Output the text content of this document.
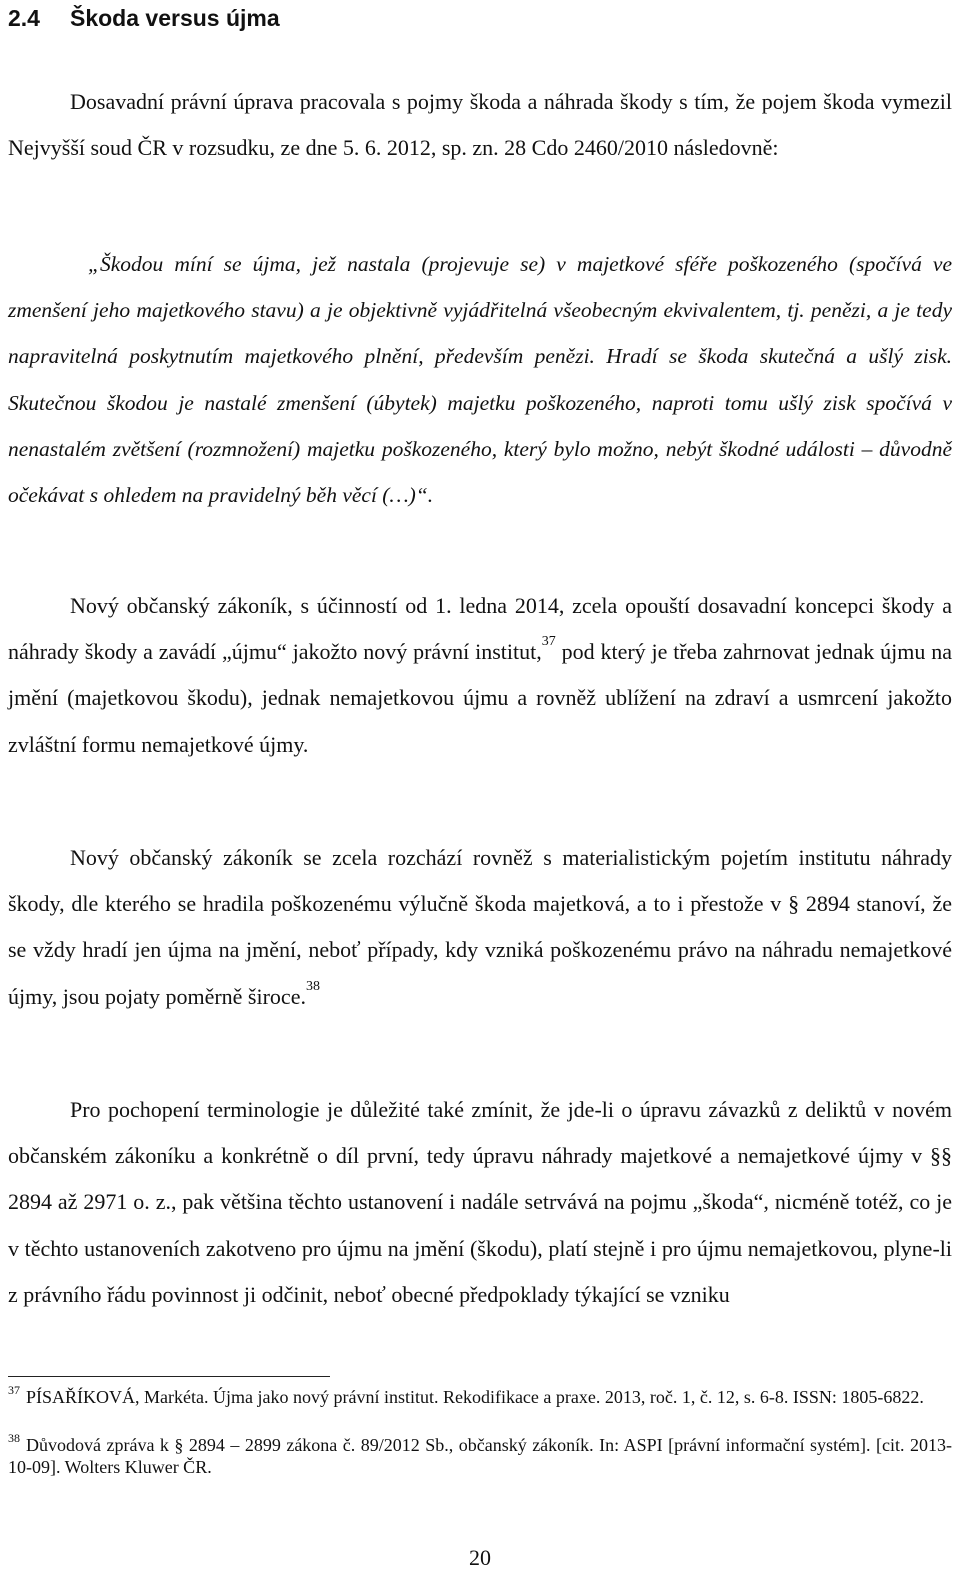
2.4 Škoda versus újma

Dosavadní právní úprava pracovala s pojmy škoda a náhrada škody s tím, že pojem škoda vymezil Nejvyšší soud ČR v rozsudku, ze dne 5. 6. 2012, sp. zn. 28 Cdo 2460/2010 následovně:

„Škodou míní se újma, jež nastala (projevuje se) v majetkové sféře poškozeného (spočívá ve zmenšení jeho majetkového stavu) a je objektivně vyjádřitelná všeobecným ekvivalentem, tj. penězi, a je tedy napravitelná poskytnutím majetkového plnění, především penězi. Hradí se škoda skutečná a ušlý zisk. Skutečnou škodou je nastalé zmenšení (úbytek) majetku poškozeného, naproti tomu ušlý zisk spočívá v nenastalém zvětšení (rozmnožení) majetku poškozeného, který bylo možno, nebýt škodné události – důvodně očekávat s ohledem na pravidelný běh věcí (…)“.

Nový občanský zákoník, s účinností od 1. ledna 2014, zcela opouští dosavadní koncepci škody a náhrady škody a zavádí „újmu“ jakožto nový právní institut,$^{37}$ pod který je třeba zahrnovat jednak újmu na jmění (majetkovou škodu), jednak nemajetkovou újmu a rovněž ublížení na zdraví a usmrcení jakožto zvláštní formu nemajetkové újmy.

Nový občanský zákoník se zcela rozchází rovněž s materialistickým pojetím institutu náhrady škody, dle kterého se hradila poškozenému výlučně škoda majetková, a to i přestože v § 2894 stanoví, že se vždy hradí jen újma na jmění, neboť případy, kdy vzniká poškozenému právo na náhradu nemajetkové újmy, jsou pojaty poměrně široce.$^{38}$

Pro pochopení terminologie je důležité také zmínit, že jde-li o úpravu závazků z deliktů v novém občanském zákoníku a konkrétně o díl první, tedy úpravu náhrady majetkové a nemajetkové újmy v §§ 2894 až 2971 o. z., pak většina těchto ustanovení i nadále setrvává na pojmu „škoda“, nicméně totéž, co je v těchto ustanoveních zakotveno pro újmu na jmění (škodu), platí stejně i pro újmu nemajetkovou, plyne-li z právního řádu povinnost ji odčinit, neboť obecné předpoklady týkající se vzniku

$^{37}$ PÍSAŘÍKOVÁ, Markéta. Újma jako nový právní institut. Rekodifikace a praxe. 2013, roč. 1, č. 12, s. 6-8. ISSN: 1805-6822.

$^{38}$ Důvodová zpráva k § 2894 – 2899 zákona č. 89/2012 Sb., občanský zákoník. In: ASPI [právní informační systém]. [cit. 2013-10-09]. Wolters Kluwer ČR.

20
